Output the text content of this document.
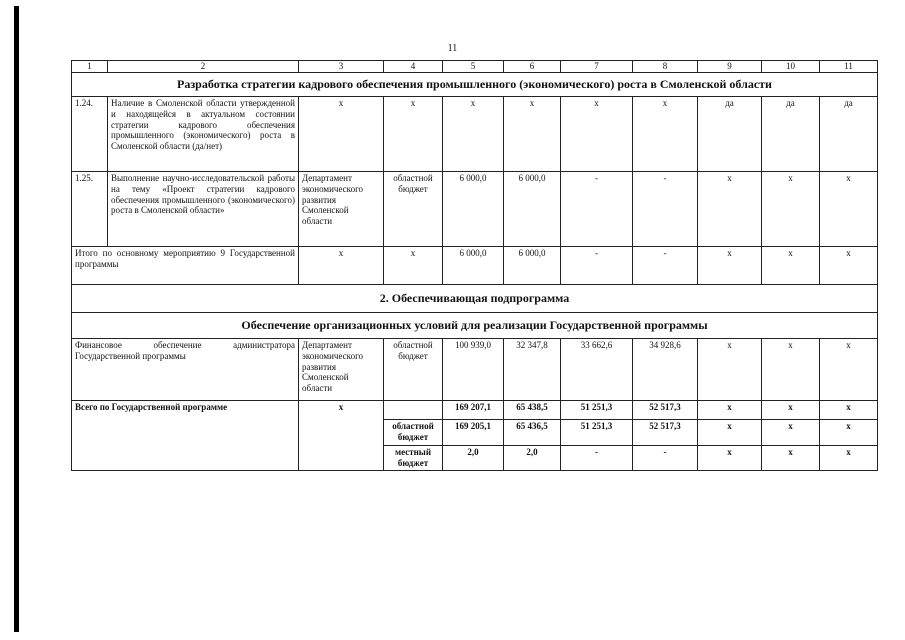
11
1	2	3	4	5	6	7	8	9	10	11
Разработка стратегии кадрового обеспечения промышленного (экономического) роста в Смоленской области										
1.24.	Наличие в Смоленской области утвержденной и находящейся в актуальном состоянии стратегии кадрового обеспечения промышленного (экономического) роста в Смоленской области (да/нет)	x	x	x	x	x	x	да	да	да
1.25.	Выполнение научно-исследовательской работы на тему «Проект стратегии кадрового обеспечения промышленного (экономического) роста в Смоленской области»	Департамент экономического развития Смоленской области	областной бюджет	6 000,0	6 000,0	-	-	x	x	x
Итого по основному мероприятию 9 Государственной программы		x	x	6 000,0	6 000,0	-	-	x	x	x
2. Обеспечивающая подпрограмма										
Обеспечение организационных условий для реализации Государственной программы										
Финансовое обеспечение администратора Государственной программы		Департамент экономического развития Смоленской области	областной бюджет	100 939,0	32 347,8	33 662,6	34 928,6	x	x	x
Всего по Государственной программе		x		169 207,1	65 438,5	51 251,3	52 517,3	x	x	x
			областной бюджет	169 205,1	65 436,5	51 251,3	52 517,3	x	x	x
			местный бюджет	2,0	2,0	-	-	x	x	x
